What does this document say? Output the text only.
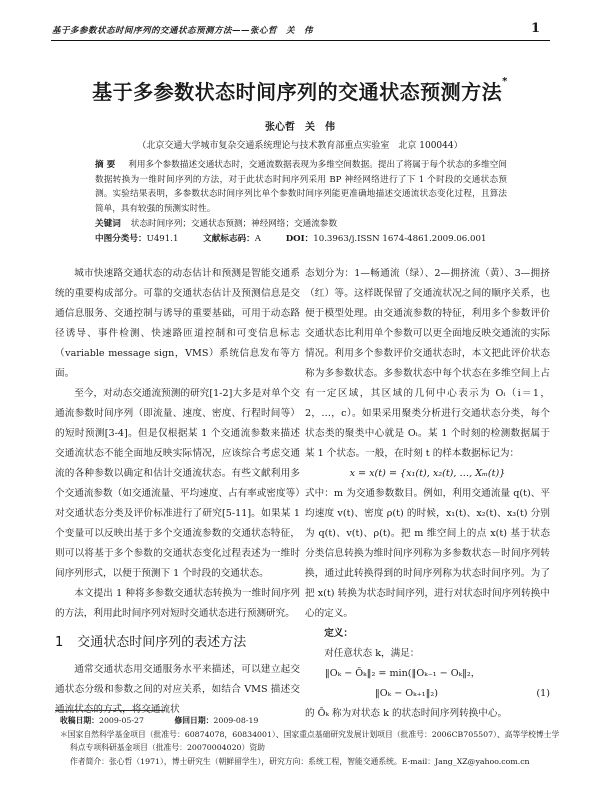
基于多参数状态时间序列的交通状态预测方法——张心哲　关　伟	1
基于多参数状态时间序列的交通状态预测方法*
张心哲　关　伟
（北京交通大学城市复杂交通系统理论与技术教育部重点实验室　北京 100044）
摘要 利用多个参数描述交通状态时，交通流数据表现为多维空间数据。提出了将属于每个状态的多维空间数据转换为一维时间序列的方法，对于此状态时间序列采用 BP 神经网络进行了下 1 个时段的交通状态预测。实验结果表明，多参数状态时间序列比单个参数时间序列能更准确地描述交通流状态变化过程，且算法简单，具有较强的预测实时性。
关键词 状态时间序列；交通状态预测；神经网络；交通流参数
中图分类号：U491.1	文献标志码：A	DOI：10.3963/j.ISSN 1674-4861.2009.06.001

城市快速路交通状态的动态估计和预测是智能交通系统的重要构成部分。可靠的交通状态估计及预测信息是交通信息服务、交通控制与诱导的重要基础，可用于动态路径诱导、事件检测、快速路匝道控制和可变信息标志（variable message sign，VMS）系统信息发布等方面。

至今，对动态交通流预测的研究[1-2]大多是对单个交通流参数时间序列（即流量、速度、密度、行程时间等）的短时预测[3-4]。但是仅根据某 1 个交通流参数来描述交通流状态不能全面地反映实际情况，应该综合考虑交通流的各种参数以确定和估计交通流状态。有些文献利用多个交通流参数（如交通流量、平均速度、占有率或密度等）对交通状态分类及评价标准进行了研究[5-11]。如果某 1 个变量可以反映出基于多个交通流参数的交通状态特征，则可以将基于多个参数的交通状态变化过程表述为一维时间序列形式，以便于预测下 1 个时段的交通状态。

本文提出 1 种将多参数交通状态转换为一维时间序列的方法，利用此时间序列对短时交通状态进行预测研究。

1 交通状态时间序列的表述方法

通常交通状态用交通服务水平来描述，可以建立起交通状态分级和参数之间的对应关系，如结合 VMS 描述交通流状态的方式，将交通流状

态划分为：1—畅通流（绿）、2—拥挤流（黄）、3—拥挤（红）等。这样既保留了交通流状况之间的顺序关系，也便于模型处理。由交通流参数的特征，利用多个参数评价交通状态比利用单个参数可以更全面地反映交通流的实际情况。利用多个参数评价交通状态时，本文把此评价状态称为多参数状态。多参数状态中每个状态在多维空间上占有一定区域，其区域的几何中心表示为 Oᵢ（i＝1，2，…，c）。如果采用聚类分析进行交通状态分类，每个状态类的聚类中心就是 Oᵢ。某 1 个时刻的检测数据属于某 1 个状态。一般，在时刻 t 的样本数据标记为：

x = x(t) = {x₁(t), x₂(t), …, Xₘ(t)}

式中：m 为交通参数数目。例如，利用交通流量 q(t)、平均速度 v(t)、密度 ρ(t) 的时候，x₁(t)、x₂(t)、x₃(t) 分别为 q(t)、v(t)、ρ(t)。把 m 维空间上的点 x(t) 基于状态分类信息转换为维时间序列称为多参数状态－时间序列转换，通过此转换得到的时间序列称为状态时间序列。为了把 x(t) 转换为状态时间序列，进行对状态时间序列转换中心的定义。

定义：

对任意状态 k，满足：

‖Oₖ − Ōₖ‖₂ = min(‖Oₖ₋₁ − Oₖ‖₂，

‖Oₖ − Oₖ₊₁‖₂)	(1)

的 Ōₖ 称为对状态 k 的状态时间序列转换中心。

收稿日期：2009-05-27	修回日期：2009-08-19

＊国家自然科学基金项目（批准号：60874078，60834001）、国家重点基础研究发展计划项目（批准号：2006CB705507）、高等学校博士学

科点专项科研基金项目（批准号：20070004020）资助

作者简介：张心哲（1971），博士研究生（朝鲜留学生），研究方向：系统工程，智能交通系统。E-mail：Jang_XZ@yahoo.com.cn
